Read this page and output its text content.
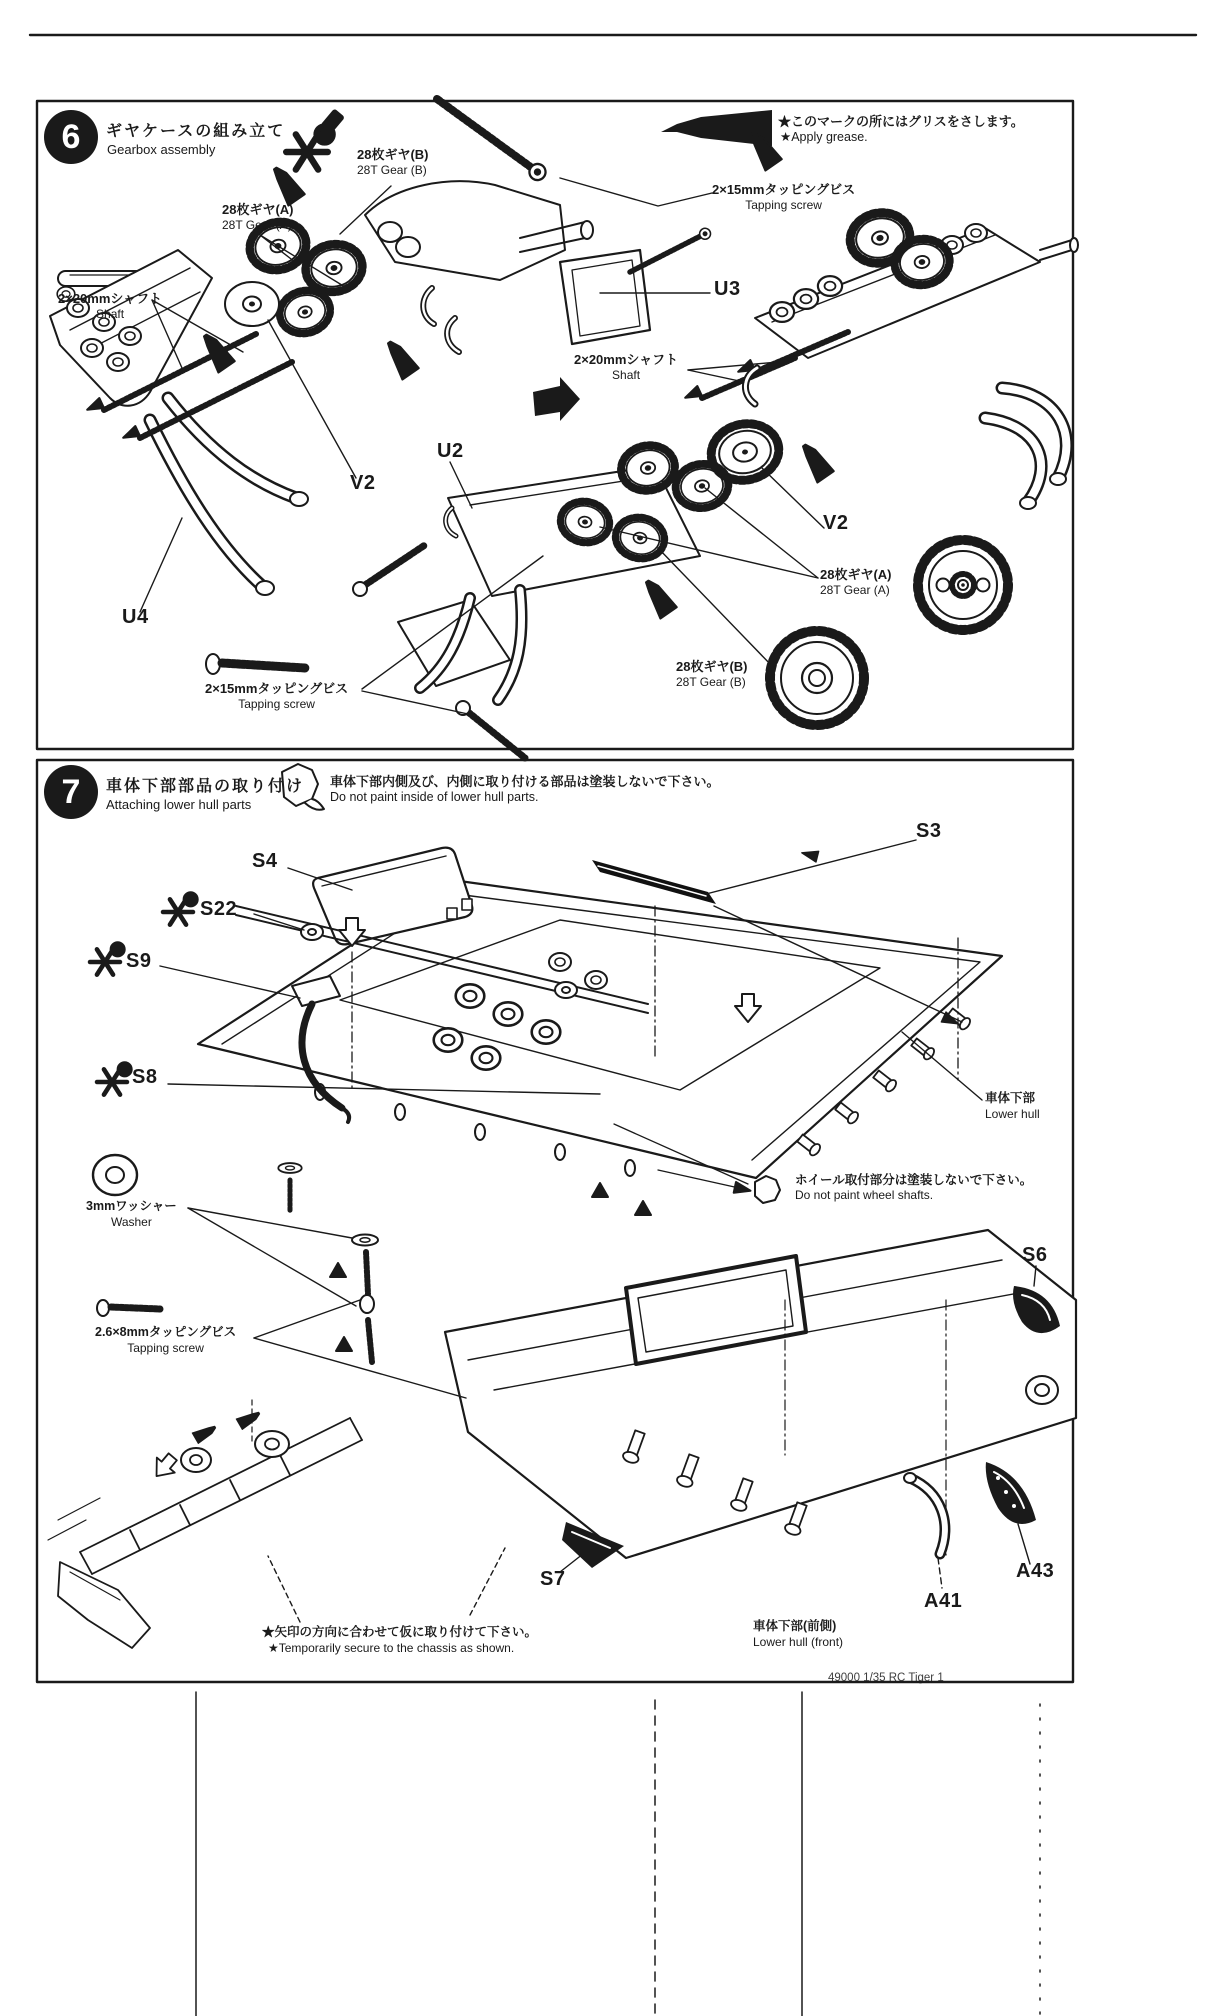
6	ギヤケースの組み立て
Gearbox assembly
★このマークの所にはグリスをさします。
★Apply grease.
28枚ギヤ(B)
28T Gear (B)
28枚ギヤ(A)
28T Gear (A)
2×15mmタッピングビス
Tapping screw
2×20mmシャフト
Shaft
U3
2×20mmシャフト
Shaft
U2
V2
U4
2×15mmタッピングビス
Tapping screw
V2
28枚ギヤ(A)
28T Gear (A)
28枚ギヤ(B)
28T Gear (B)
7	車体下部部品の取り付け
Attaching lower hull parts
車体下部内側及び、内側に取り付ける部品は塗装しないで下さい。
Do not paint inside of lower hull parts.
S4
S3
S22
S9
S8
3mmワッシャー
Washer
車体下部
Lower hull
ホイール取付部分は塗装しないで下さい。
Do not paint wheel shafts.
S6
2.6×8mmタッピングビス
Tapping screw
S7
A41
A43
車体下部(前側)
Lower hull (front)
★矢印の方向に合わせて仮に取り付けて下さい。
★Temporarily secure to the chassis as shown.
49000 1/35 RC Tiger 1
